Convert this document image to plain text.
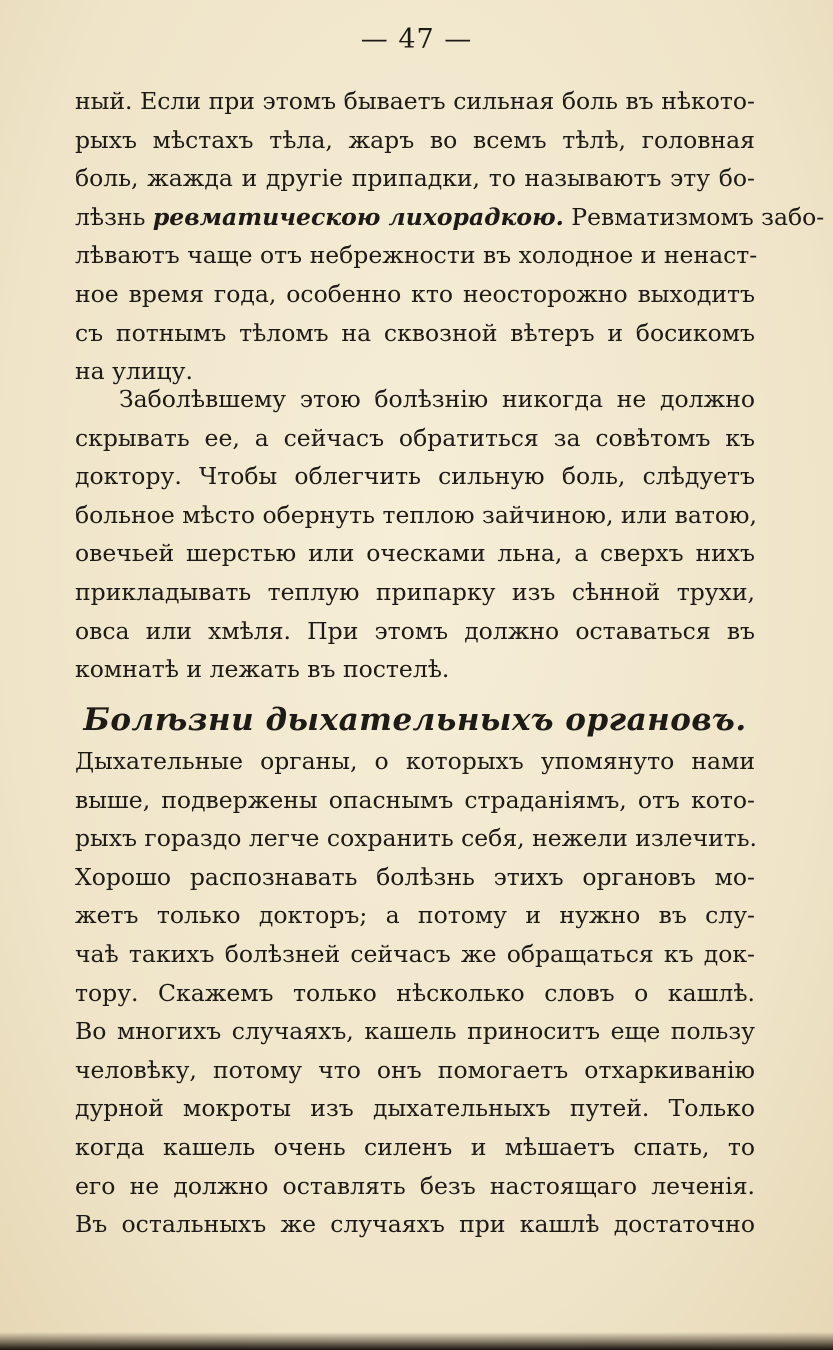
— 47 —
ный. Если при этомъ бываетъ сильная боль въ нѣкото-
рыхъ мѣстахъ тѣла, жаръ во всемъ тѣлѣ, головная
боль, жажда и другіе припадки, то называютъ эту бо-
лѣзнь ревматическою лихорадкою. Ревматизмомъ забо-
лѣваютъ чаще отъ небрежности въ холодное и ненаст-
ное время года, особенно кто неосторожно выходитъ
съ потнымъ тѣломъ на сквозной вѣтеръ и босикомъ
на улицу.
Заболѣвшему этою болѣзнію никогда не должно
скрывать ее, а сейчасъ обратиться за совѣтомъ къ
доктору. Чтобы облегчить сильную боль, слѣдуетъ
больное мѣсто обернуть теплою зайчиною, или ватою,
овечьей шерстью или оческами льна, а сверхъ нихъ
прикладывать теплую припарку изъ сѣнной трухи,
овса или хмѣля. При этомъ должно оставаться въ
комнатѣ и лежать въ постелѣ.
Болѣзни дыхательныхъ органовъ.
Дыхательные органы, о которыхъ упомянуто нами
выше, подвержены опаснымъ страданіямъ, отъ кото-
рыхъ гораздо легче сохранить себя, нежели излечить.
Хорошо распознавать болѣзнь этихъ органовъ мо-
жетъ только докторъ; а потому и нужно въ слу-
чаѣ такихъ болѣзней сейчасъ же обращаться къ док-
тору. Скажемъ только нѣсколько словъ о кашлѣ.
Во многихъ случаяхъ, кашель приноситъ еще пользу
человѣку, потому что онъ помогаетъ отхаркиванію
дурной мокроты изъ дыхательныхъ путей. Только
когда кашель очень силенъ и мѣшаетъ спать, то
его не должно оставлять безъ настоящаго леченія.
Въ остальныхъ же случаяхъ при кашлѣ достаточно
